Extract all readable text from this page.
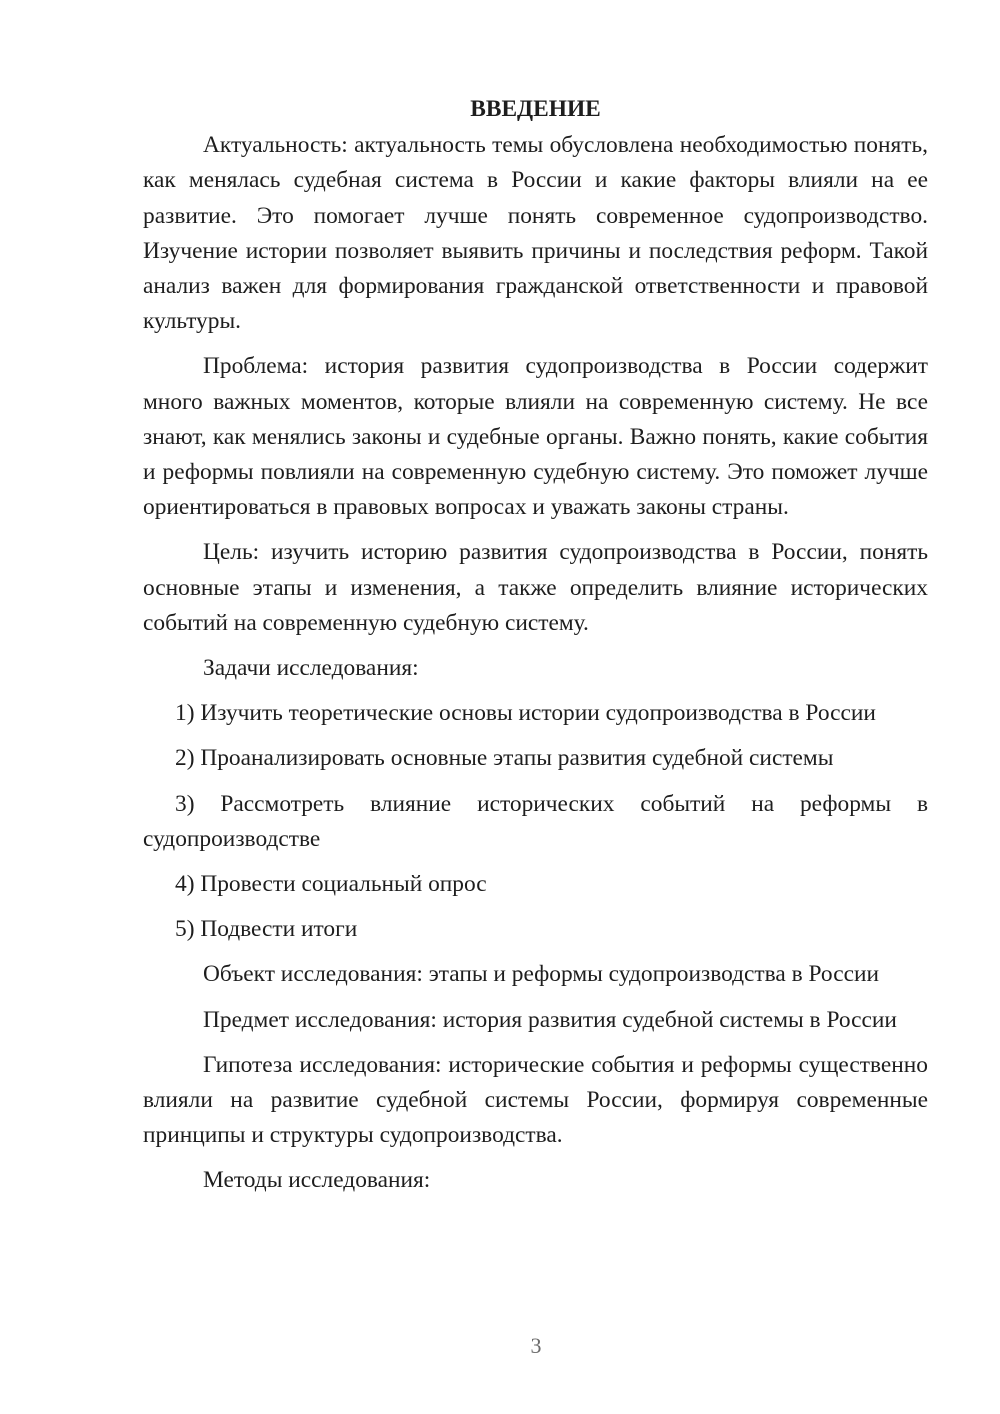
ВВЕДЕНИЕ

Актуальность: актуальность темы обусловлена необходимостью понять, как менялась судебная система в России и какие факторы влияли на ее развитие. Это помогает лучше понять современное судопроизводство. Изучение истории позволяет выявить причины и последствия реформ. Такой анализ важен для формирования гражданской ответственности и правовой культуры.

Проблема: история развития судопроизводства в России содержит много важных моментов, которые влияли на современную систему. Не все знают, как менялись законы и судебные органы. Важно понять, какие события и реформы повлияли на современную судебную систему. Это поможет лучше ориентироваться в правовых вопросах и уважать законы страны.

Цель: изучить историю развития судопроизводства в России, понять основные этапы и изменения, а также определить влияние исторических событий на современную судебную систему.

Задачи исследования:

1) Изучить теоретические основы истории судопроизводства в России

2) Проанализировать основные этапы развития судебной системы

3) Рассмотреть влияние исторических событий на реформы в судопроизводстве

4) Провести социальный опрос

5) Подвести итоги

Объект исследования: этапы и реформы судопроизводства в России

Предмет исследования: история развития судебной системы в России

Гипотеза исследования: исторические события и реформы существенно влияли на развитие судебной системы России, формируя современные принципы и структуры судопроизводства.

Методы исследования:

3
